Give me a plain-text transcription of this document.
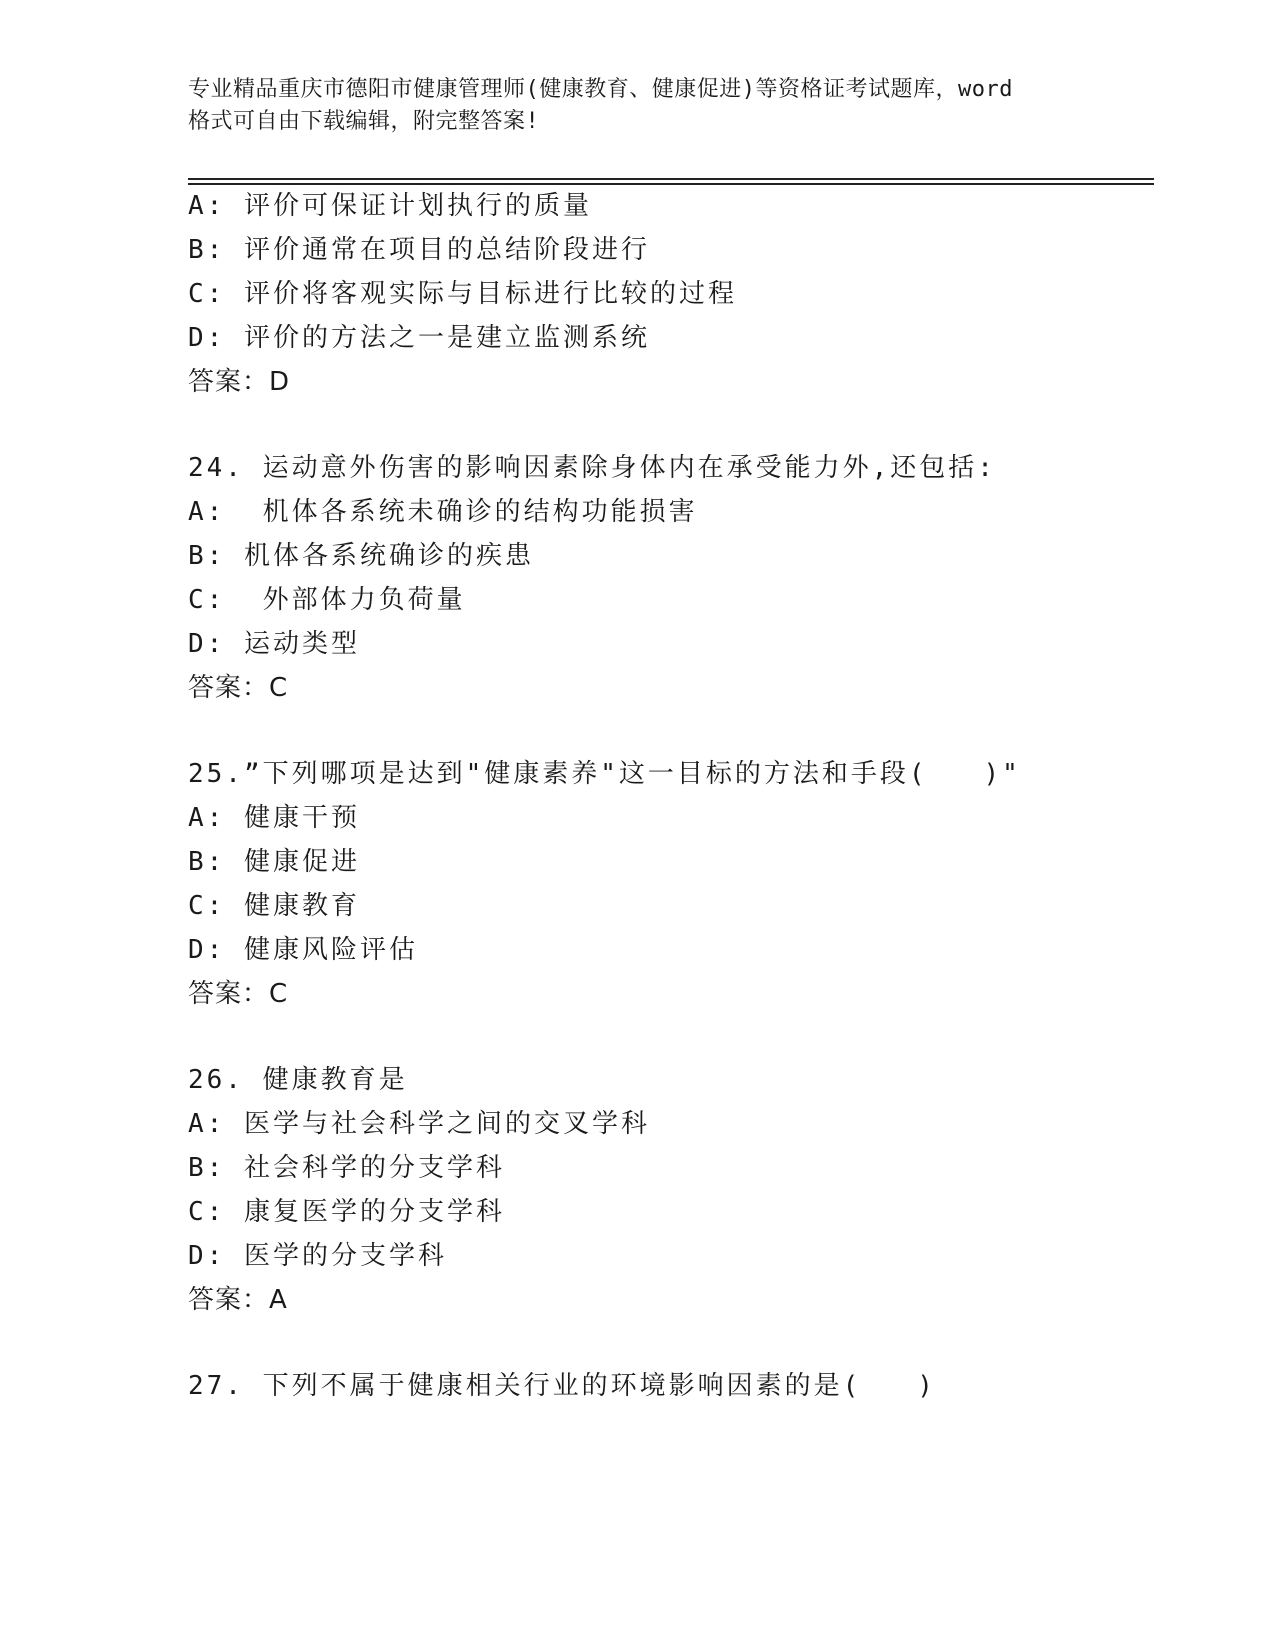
专业精品重庆市德阳市健康管理师(健康教育、健康促进)等资格证考试题库，word
格式可自由下载编辑，附完整答案!
A: 评价可保证计划执行的质量
B: 评价通常在项目的总结阶段进行
C: 评价将客观实际与目标进行比较的过程
D: 评价的方法之一是建立监测系统
答案：D
24. 运动意外伤害的影响因素除身体内在承受能力外,还包括:
A:  机体各系统未确诊的结构功能损害
B: 机体各系统确诊的疾患
C:  外部体力负荷量
D: 运动类型
答案：C
25.”下列哪项是达到"健康素养"这一目标的方法和手段(   )"
A: 健康干预
B: 健康促进
C: 健康教育
D: 健康风险评估
答案：C
26. 健康教育是
A: 医学与社会科学之间的交叉学科
B: 社会科学的分支学科
C: 康复医学的分支学科
D: 医学的分支学科
答案：A
27. 下列不属于健康相关行业的环境影响因素的是(   )
